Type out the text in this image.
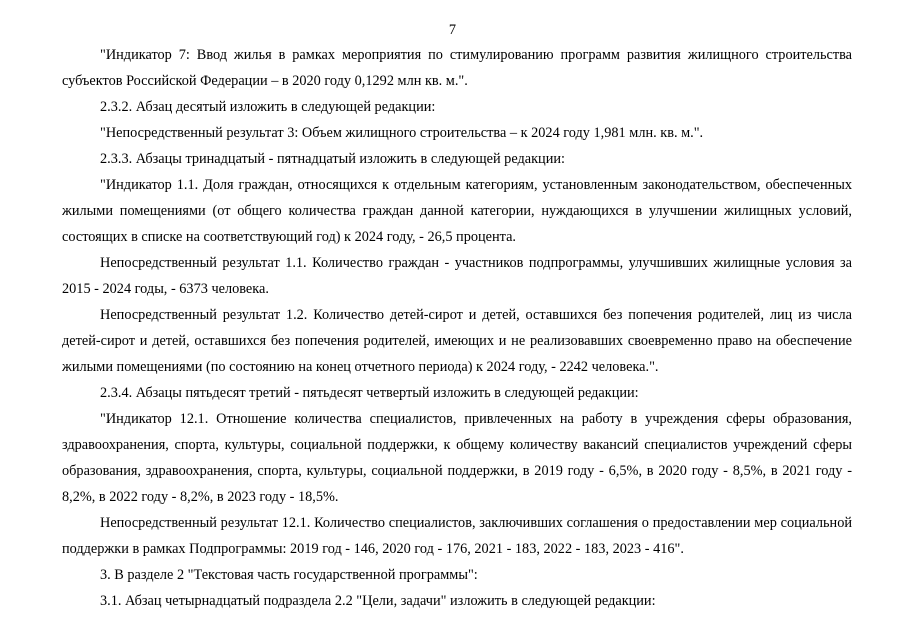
7

"Индикатор 7: Ввод жилья в рамках мероприятия по стимулированию программ развития жилищного строительства субъектов Российской Федерации – в 2020 году 0,1292 млн кв. м.".

2.3.2. Абзац десятый изложить в следующей редакции:

"Непосредственный результат 3: Объем жилищного строительства – к 2024 году 1,981 млн. кв. м.".

2.3.3. Абзацы тринадцатый - пятнадцатый изложить в следующей редакции:

"Индикатор 1.1. Доля граждан, относящихся к отдельным категориям, установленным законодательством, обеспеченных жилыми помещениями (от общего количества граждан данной категории, нуждающихся в улучшении жилищных условий, состоящих в списке на соответствующий год) к 2024 году, - 26,5 процента.

Непосредственный результат 1.1. Количество граждан - участников подпрограммы, улучшивших жилищные условия за 2015 - 2024 годы, - 6373 человека.

Непосредственный результат 1.2. Количество детей-сирот и детей, оставшихся без попечения родителей, лиц из числа детей-сирот и детей, оставшихся без попечения родителей, имеющих и не реализовавших своевременно право на обеспечение жилыми помещениями (по состоянию на конец отчетного периода) к 2024 году, - 2242 человека.".

2.3.4. Абзацы пятьдесят третий - пятьдесят четвертый изложить в следующей редакции:

"Индикатор 12.1. Отношение количества специалистов, привлеченных на работу в учреждения сферы образования, здравоохранения, спорта, культуры, социальной поддержки, к общему количеству вакансий специалистов учреждений сферы образования, здравоохранения, спорта, культуры, социальной поддержки, в 2019 году - 6,5%, в 2020 году - 8,5%, в 2021 году - 8,2%, в 2022 году - 8,2%, в 2023 году - 18,5%.

Непосредственный результат 12.1. Количество специалистов, заключивших соглашения о предоставлении мер социальной поддержки в рамках Подпрограммы: 2019 год - 146, 2020 год - 176, 2021 - 183, 2022 - 183, 2023 - 416".

3. В разделе 2 "Текстовая часть государственной программы":

3.1. Абзац четырнадцатый подраздела 2.2 "Цели, задачи" изложить в следующей редакции:
